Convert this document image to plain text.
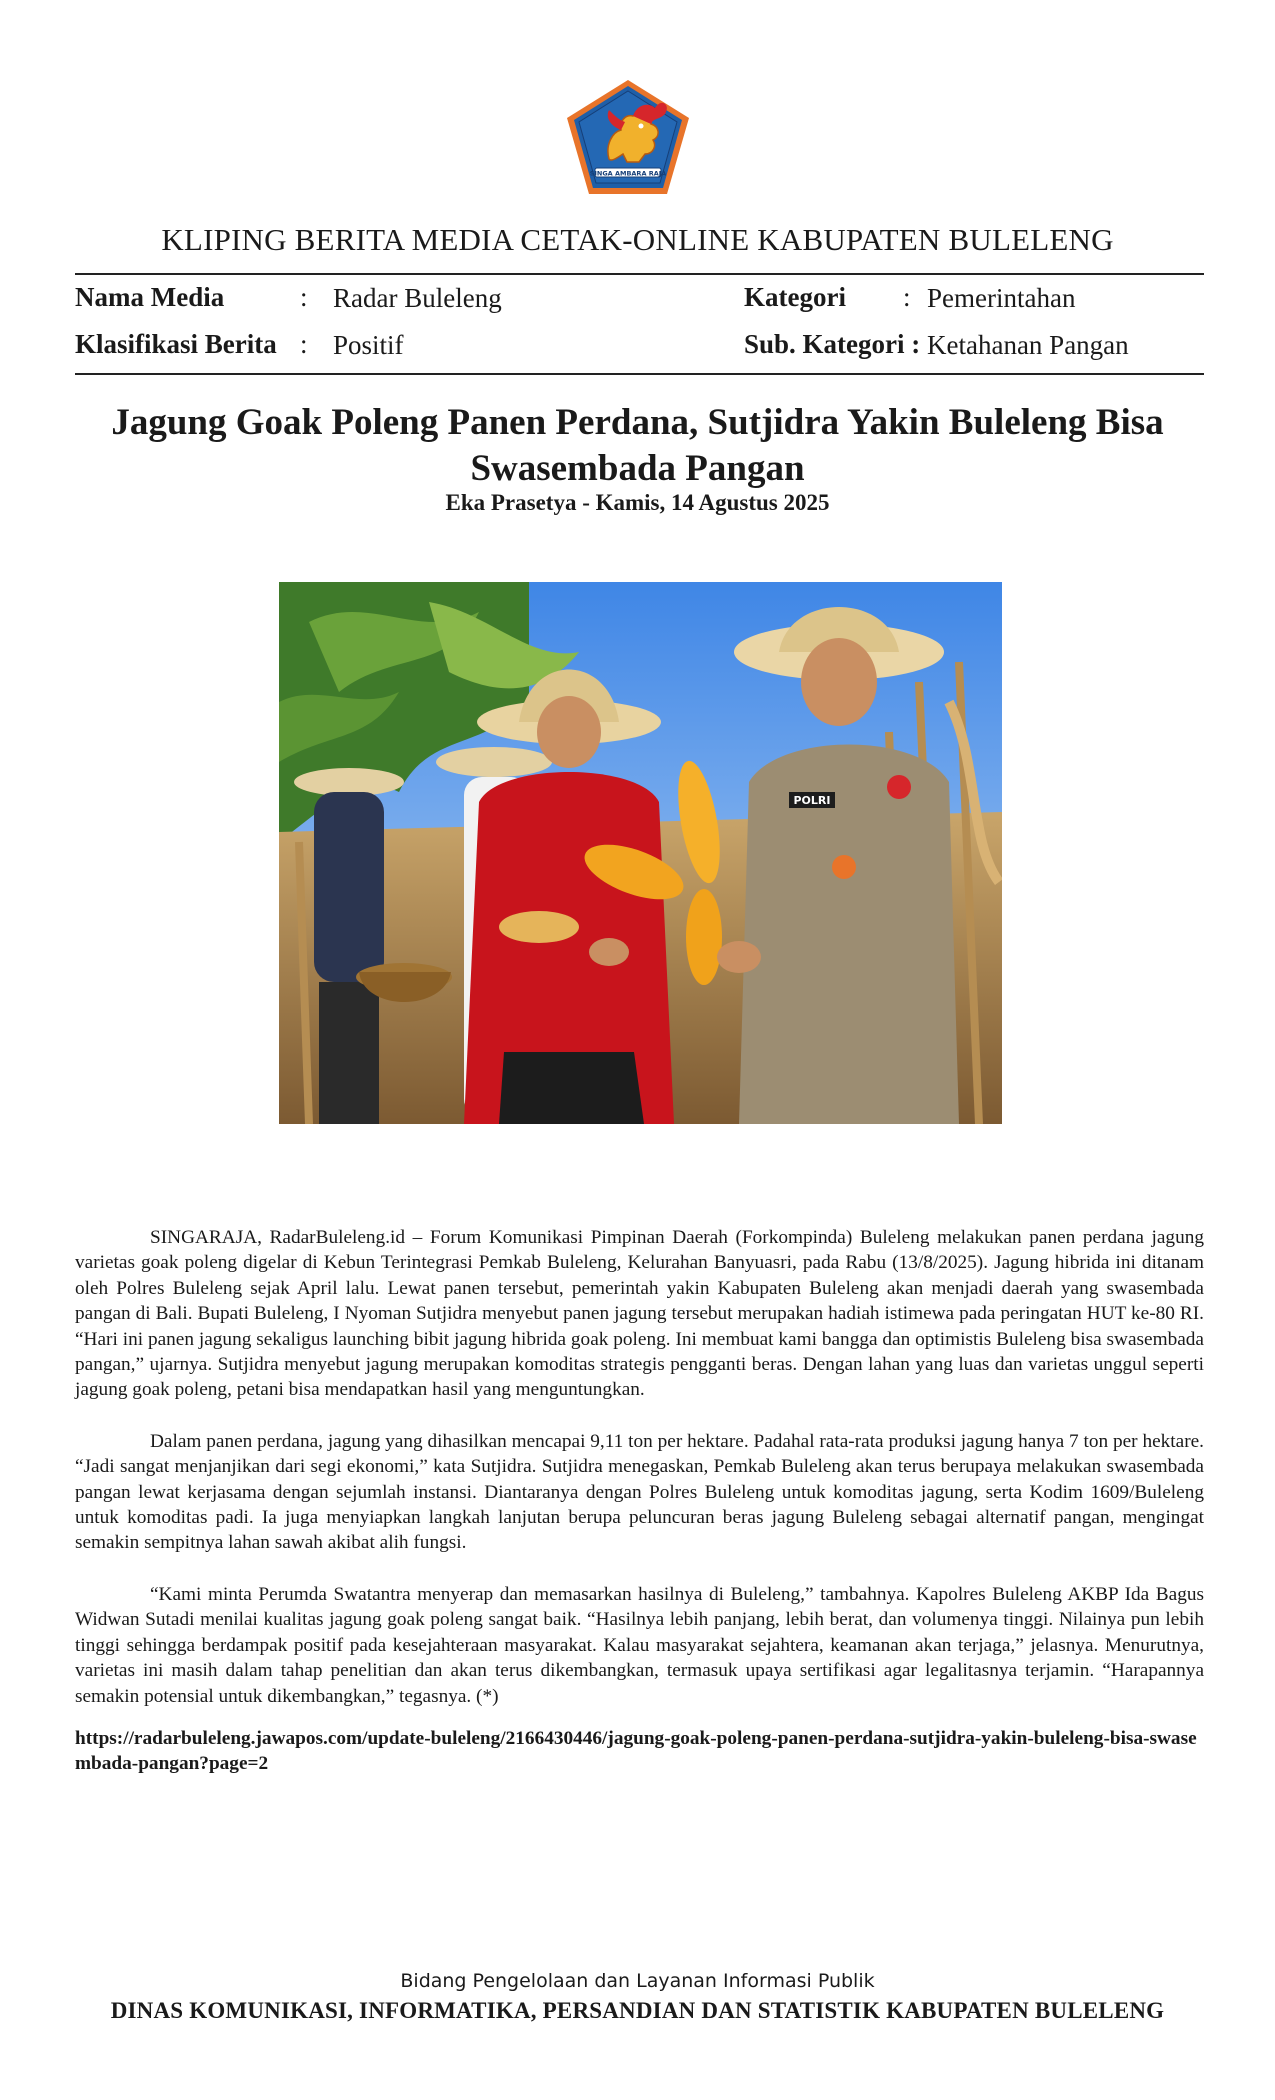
SINGA AMBARA RAJA
KLIPING BERITA MEDIA CETAK-ONLINE KABUPATEN BULELENG
Nama Media	: Radar Buleleng	Kategori : Pemerintahan
Klasifikasi Berita : Positif	Sub. Kategori : Ketahanan Pangan
Jagung Goak Poleng Panen Perdana, Sutjidra Yakin Buleleng Bisa Swasembada Pangan
Eka Prasetya - Kamis, 14 Agustus 2025
POLRI

SINGARAJA, RadarBuleleng.id – Forum Komunikasi Pimpinan Daerah (Forkompinda) Buleleng melakukan panen perdana jagung varietas goak poleng digelar di Kebun Terintegrasi Pemkab Buleleng, Kelurahan Banyuasri, pada Rabu (13/8/2025). Jagung hibrida ini ditanam oleh Polres Buleleng sejak April lalu. Lewat panen tersebut, pemerintah yakin Kabupaten Buleleng akan menjadi daerah yang swasembada pangan di Bali. Bupati Buleleng, I Nyoman Sutjidra menyebut panen jagung tersebut merupakan hadiah istimewa pada peringatan HUT ke-80 RI. “Hari ini panen jagung sekaligus launching bibit jagung hibrida goak poleng. Ini membuat kami bangga dan optimistis Buleleng bisa swasembada pangan,” ujarnya. Sutjidra menyebut jagung merupakan komoditas strategis pengganti beras. Dengan lahan yang luas dan varietas unggul seperti jagung goak poleng, petani bisa mendapatkan hasil yang menguntungkan.

Dalam panen perdana, jagung yang dihasilkan mencapai 9,11 ton per hektare. Padahal rata-rata produksi jagung hanya 7 ton per hektare. “Jadi sangat menjanjikan dari segi ekonomi,” kata Sutjidra. Sutjidra menegaskan, Pemkab Buleleng akan terus berupaya melakukan swasembada pangan lewat kerjasama dengan sejumlah instansi. Diantaranya dengan Polres Buleleng untuk komoditas jagung, serta Kodim 1609/Buleleng untuk komoditas padi. Ia juga menyiapkan langkah lanjutan berupa peluncuran beras jagung Buleleng sebagai alternatif pangan, mengingat semakin sempitnya lahan sawah akibat alih fungsi.

“Kami minta Perumda Swatantra menyerap dan memasarkan hasilnya di Buleleng,” tambahnya. Kapolres Buleleng AKBP Ida Bagus Widwan Sutadi menilai kualitas jagung goak poleng sangat baik. “Hasilnya lebih panjang, lebih berat, dan volumenya tinggi. Nilainya pun lebih tinggi sehingga berdampak positif pada kesejahteraan masyarakat. Kalau masyarakat sejahtera, keamanan akan terjaga,” jelasnya. Menurutnya, varietas ini masih dalam tahap penelitian dan akan terus dikembangkan, termasuk upaya sertifikasi agar legalitasnya terjamin. “Harapannya semakin potensial untuk dikembangkan,” tegasnya. (*)

https://radarbuleleng.jawapos.com/update-buleleng/2166430446/jagung-goak-poleng-panen-perdana-sutjidra-yakin-buleleng-bisa-swasembada-pangan?page=2
Bidang Pengelolaan dan Layanan Informasi Publik
DINAS KOMUNIKASI, INFORMATIKA, PERSANDIAN DAN STATISTIK KABUPATEN BULELENG
